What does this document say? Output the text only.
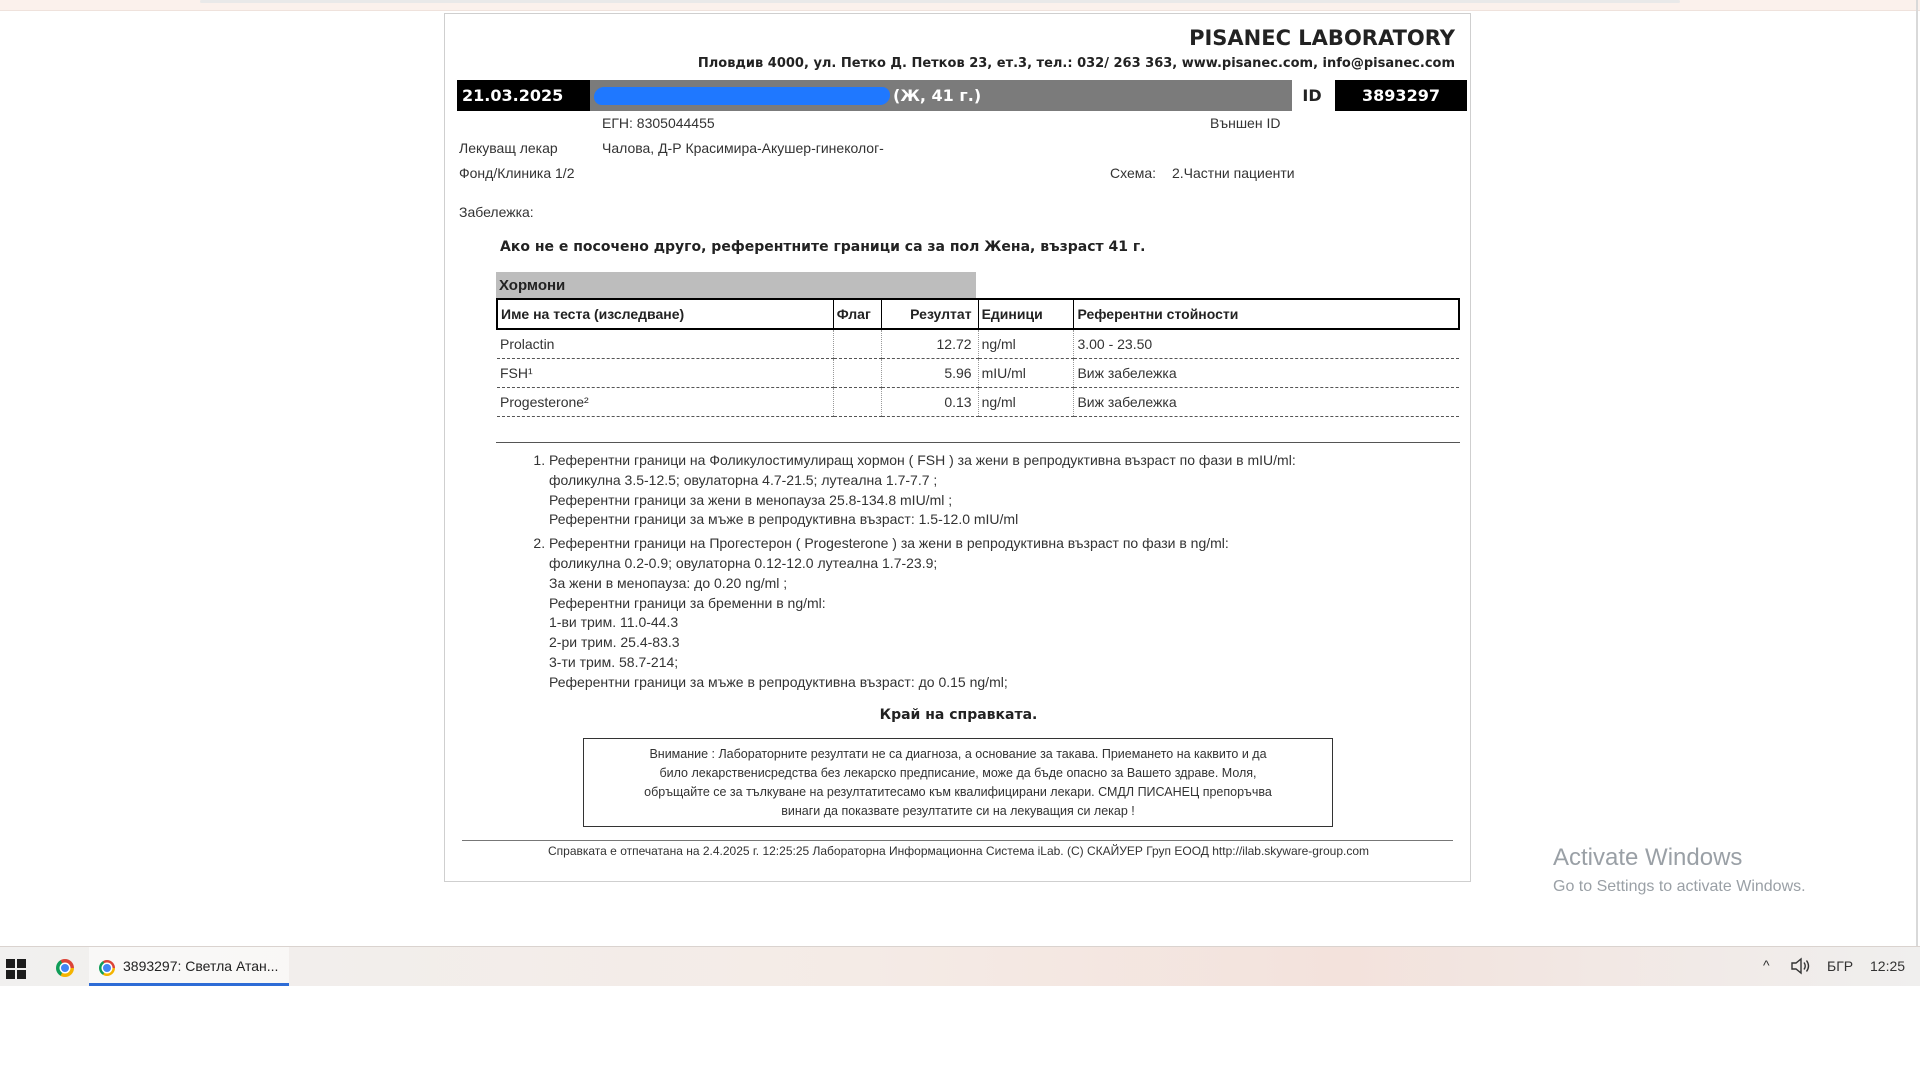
PISANEC LABORATORY
Пловдив 4000, ул. Петко Д. Петков 23, ет.3, тел.: 032/ 263 363, www.pisanec.com, info@pisanec.com
21.03.2025	(Ж, 41 г.)	ID	3893297
ЕГН: 8305044455	Външен ID
Лекуващ лекар	Чалова, Д-Р Красимира-Акушер-гинеколог-
Фонд/Клиника 1/2	Схема: 2.Частни пациенти
Забележка:
Ако не е посочено друго, референтните граници са за пол Жена, възраст 41 г.
Хормони
Име на теста (изследване)	Флаг	Резултат	Единици	Референтни стойности
Prolactin		12.72	ng/ml	3.00 - 23.50
FSH¹		5.96	mIU/ml	Виж забележка
Progesterone²		0.13	ng/ml	Виж забележка
1. Референтни граници на Фоликулостимулиращ хормон ( FSH ) за жени в репродуктивна възраст по фази в mIU/ml:
фоликулна 3.5-12.5; овулаторна 4.7-21.5; лутеална 1.7-7.7 ;
Референтни граници за жени в менопауза 25.8-134.8 mIU/ml ;
Референтни граници за мъже в репродуктивна възраст: 1.5-12.0 mIU/ml
2. Референтни граници на Прогестерон ( Progesterone ) за жени в репродуктивна възраст по фази в ng/ml:
фоликулна 0.2-0.9; овулаторна 0.12-12.0 лутеална 1.7-23.9;
За жени в менопауза: до 0.20 ng/ml ;
Референтни граници за бременни в ng/ml:
1-ви трим. 11.0-44.3
2-ри трим. 25.4-83.3
3-ти трим. 58.7-214;
Референтни граници за мъже в репродуктивна възраст: до 0.15 ng/ml;
Край на справката.
Внимание : Лабораторните резултати не са диагноза, а основание за такава. Приемането на каквито и да
било лекарственисредства без лекарско предписание, може да бъде опасно за Вашето здраве. Моля,
обръщайте се за тълкуване на резултатитесамо към квалифицирани лекари. СМДЛ ПИСАНЕЦ препоръчва
винаги да показвате резултатите си на лекуващия си лекар !
Справката е отпечатана на 2.4.2025 г. 12:25:25 Лабораторна Информационна Система iLab. (С) СКАЙУЕР Груп ЕООД http://ilab.skyware-group.com	Activate Windows
Go to Settings to activate Windows.
3893297: Светла Атан...	^	БГР 12:25
